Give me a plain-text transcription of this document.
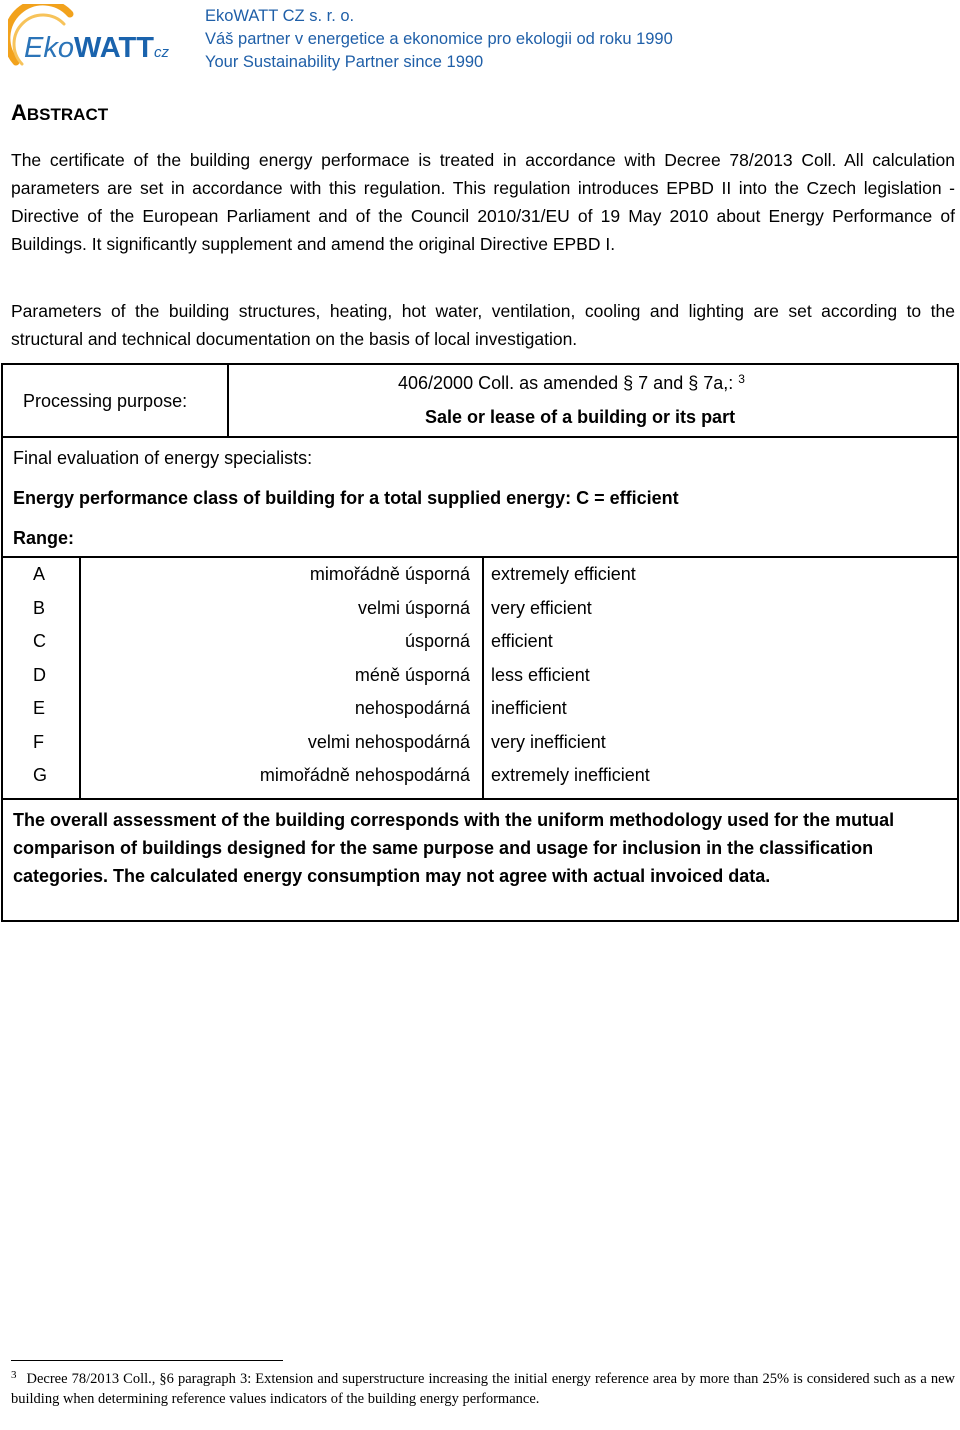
EkoWATTcz
EkoWATT CZ s. r. o.
Váš partner v energetice a ekonomice pro ekologii od roku 1990
Your Sustainability Partner since 1990
ABSTRACT
The certificate of the building energy performace is treated in accordance with Decree 78/2013 Coll. All calculation parameters are set in accordance with this regulation. This regulation introduces EPBD II into the Czech legislation - Directive of the European Parliament and of the Council 2010/31/EU of 19 May 2010 about Energy Performance of Buildings. It significantly supplement and amend the original Directive EPBD I.
Parameters of the building structures, heating, hot water, ventilation, cooling and lighting are set according to the structural and technical documentation on the basis of local investigation.
Processing purpose:
406/2000 Coll. as amended § 7 and § 7a,: $^3$
Sale or lease of a building or its part
Final evaluation of energy specialists:
Energy performance class of building for a total supplied energy: C = efficient
Range:
A	mimořádně úsporná extremely efficient
B	velmi úsporná very efficient
C	úsporná efficient
D	méně úsporná less efficient
E	nehospodárná inefficient
F	velmi nehospodárná very inefficient
G	mimořádně nehospodárná extremely inefficient
The overall assessment of the building corresponds with the uniform methodology used for the mutual comparison of buildings designed for the same purpose and usage for inclusion in the classification categories. The calculated energy consumption may not agree with actual invoiced data.
$^3$ Decree 78/2013 Coll., §6 paragraph 3: Extension and superstructure increasing the initial energy reference area by more than 25% is considered such as a new building when determining reference values indicators of the building energy performance.
